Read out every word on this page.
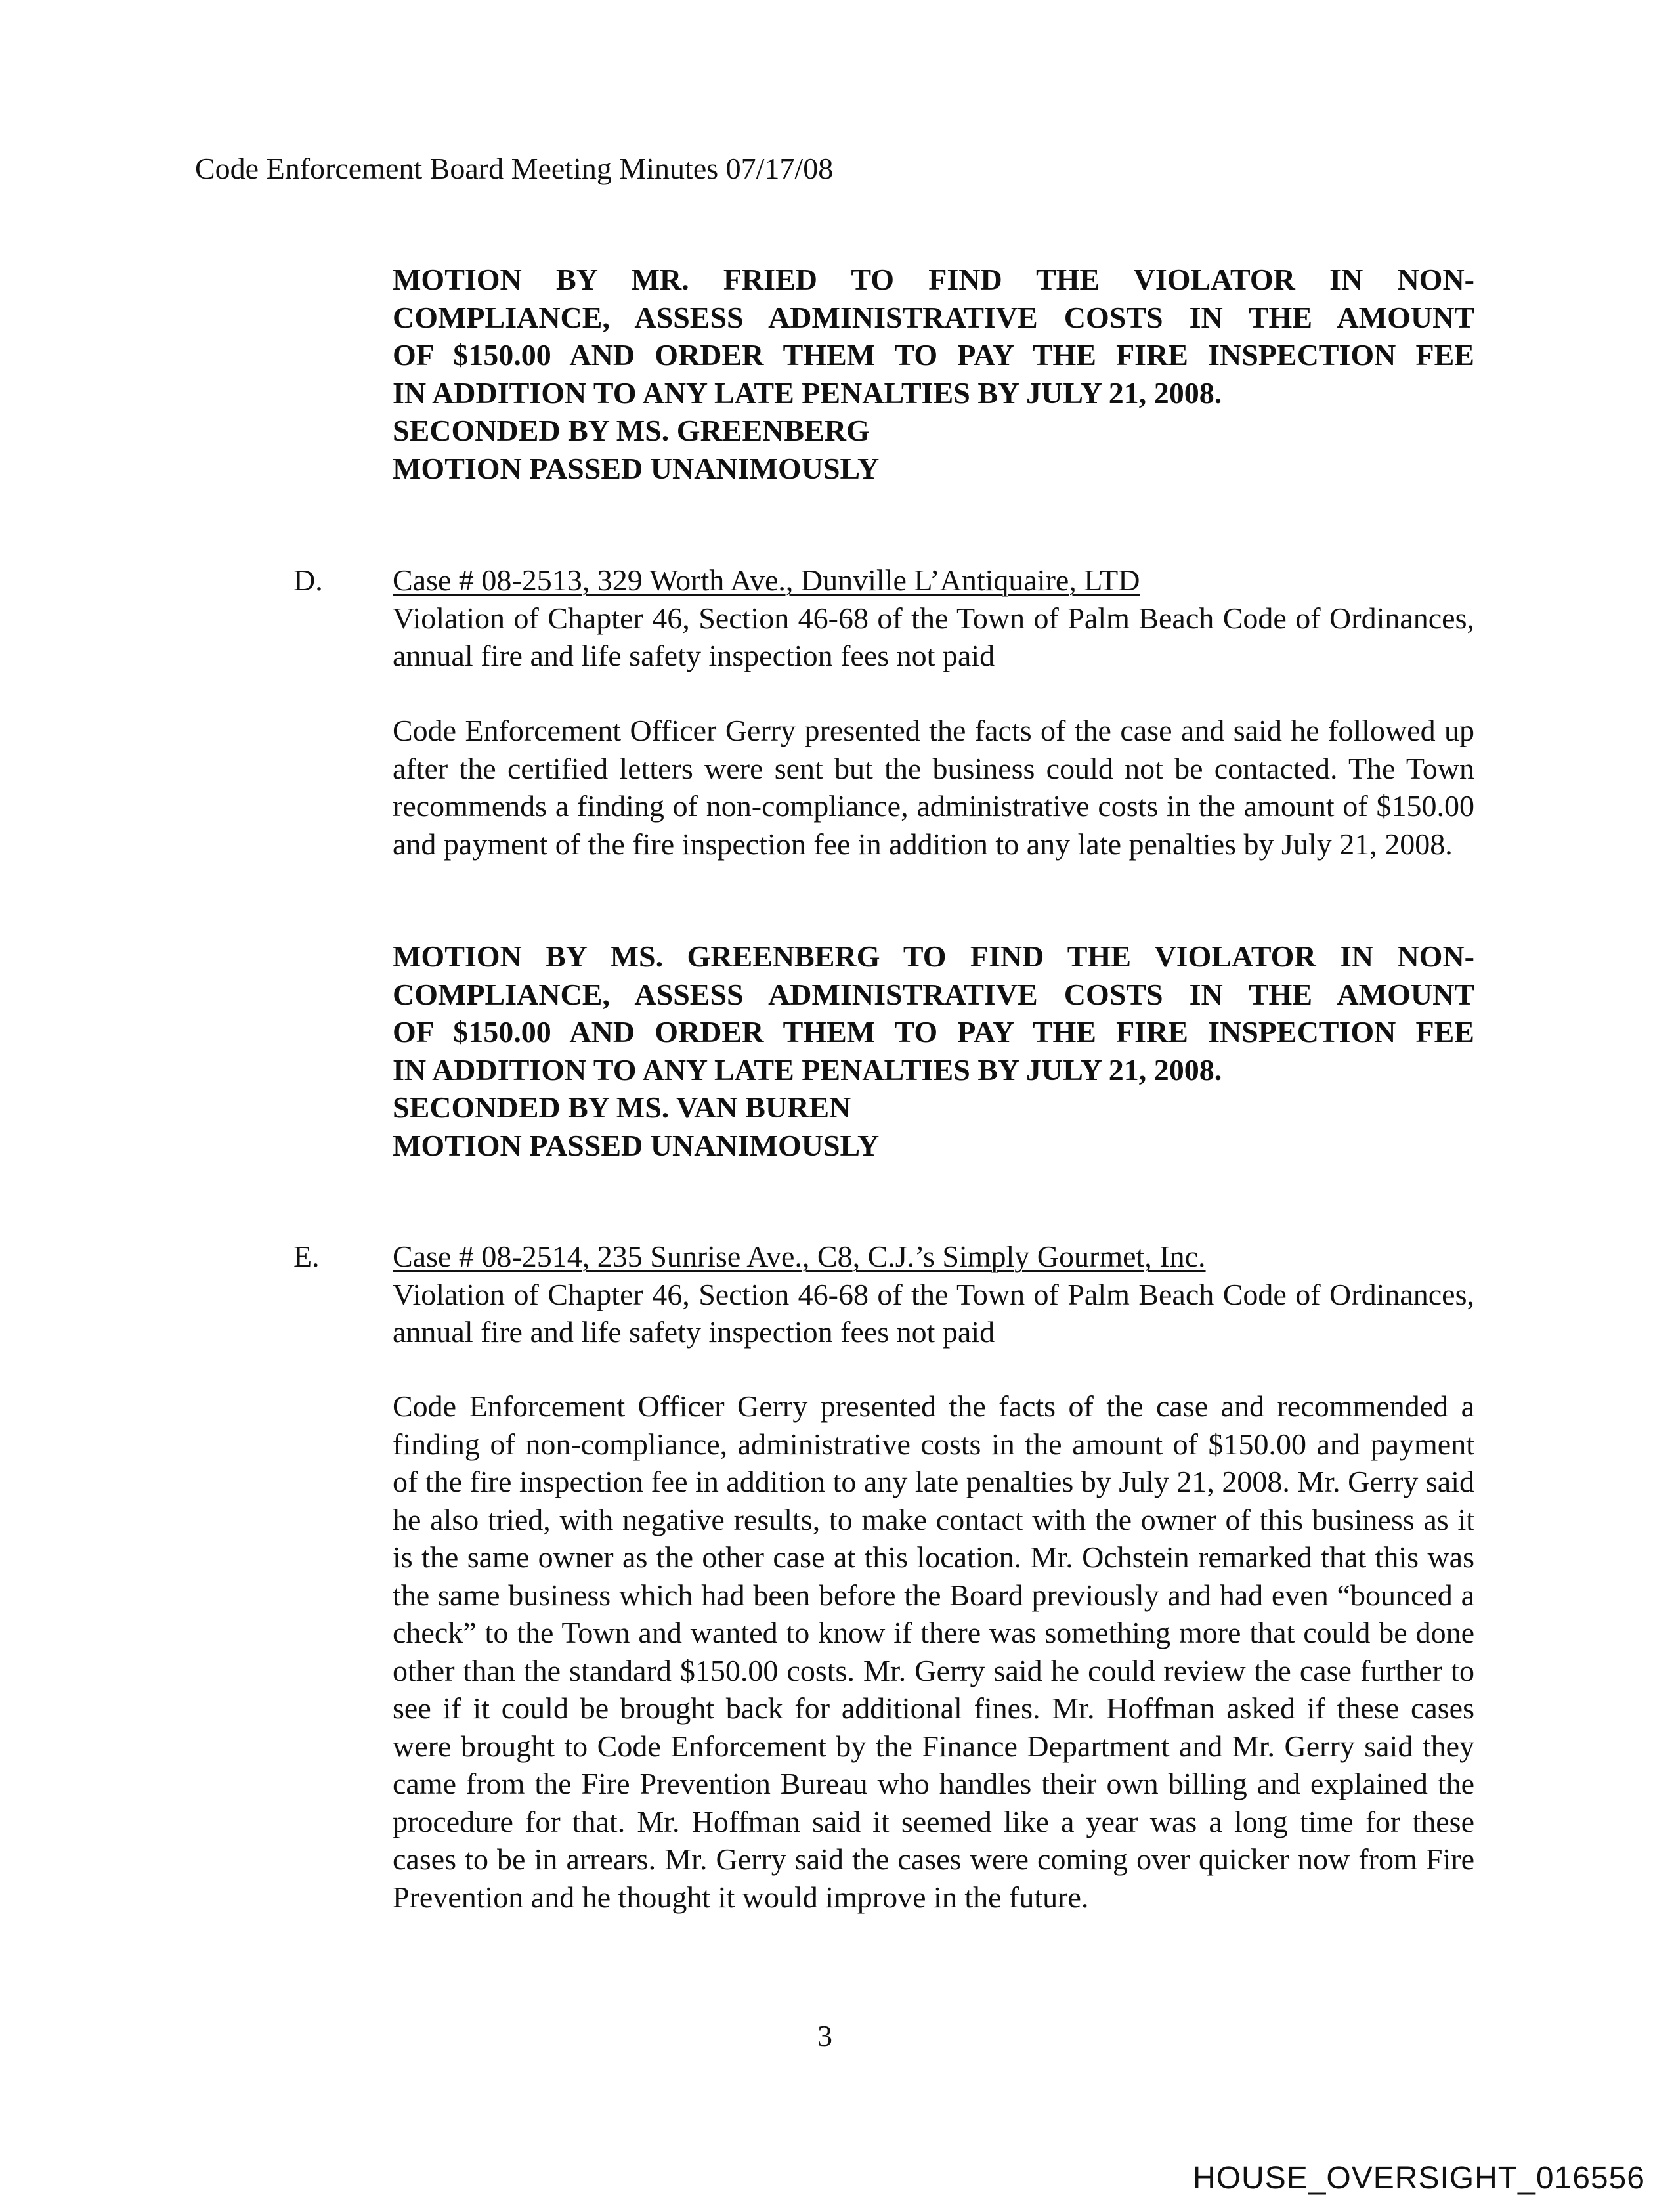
Code Enforcement Board Meeting Minutes 07/17/08
MOTION BY MR. FRIED TO FIND THE VIOLATOR IN NON-
COMPLIANCE, ASSESS ADMINISTRATIVE COSTS IN THE AMOUNT
OF $150.00 AND ORDER THEM TO PAY THE FIRE INSPECTION FEE
IN ADDITION TO ANY LATE PENALTIES BY JULY 21, 2008.
SECONDED BY MS. GREENBERG
MOTION PASSED UNANIMOUSLY
D. Case # 08-2513, 329 Worth Ave., Dunville L’Antiquaire, LTD
Violation of Chapter 46, Section 46-68 of the Town of Palm Beach Code of Ordinances, annual fire and life safety inspection fees not paid
Code Enforcement Officer Gerry presented the facts of the case and said he followed up after the certified letters were sent but the business could not be contacted. The Town recommends a finding of non-compliance, administrative costs in the amount of $150.00 and payment of the fire inspection fee in addition to any late penalties by July 21, 2008.
MOTION BY MS. GREENBERG TO FIND THE VIOLATOR IN NON-
COMPLIANCE, ASSESS ADMINISTRATIVE COSTS IN THE AMOUNT
OF $150.00 AND ORDER THEM TO PAY THE FIRE INSPECTION FEE
IN ADDITION TO ANY LATE PENALTIES BY JULY 21, 2008.
SECONDED BY MS. VAN BUREN
MOTION PASSED UNANIMOUSLY
E. Case # 08-2514, 235 Sunrise Ave., C8, C.J.’s Simply Gourmet, Inc.
Violation of Chapter 46, Section 46-68 of the Town of Palm Beach Code of Ordinances, annual fire and life safety inspection fees not paid
Code Enforcement Officer Gerry presented the facts of the case and recommended a finding of non-compliance, administrative costs in the amount of $150.00 and payment of the fire inspection fee in addition to any late penalties by July 21, 2008. Mr. Gerry said he also tried, with negative results, to make contact with the owner of this business as it is the same owner as the other case at this location. Mr. Ochstein remarked that this was the same business which had been before the Board previously and had even “bounced a check” to the Town and wanted to know if there was something more that could be done other than the standard $150.00 costs. Mr. Gerry said he could review the case further to see if it could be brought back for additional fines. Mr. Hoffman asked if these cases were brought to Code Enforcement by the Finance Department and Mr. Gerry said they came from the Fire Prevention Bureau who handles their own billing and explained the procedure for that. Mr. Hoffman said it seemed like a year was a long time for these cases to be in arrears. Mr. Gerry said the cases were coming over quicker now from Fire Prevention and he thought it would improve in the future.
3
HOUSE_OVERSIGHT_016556
